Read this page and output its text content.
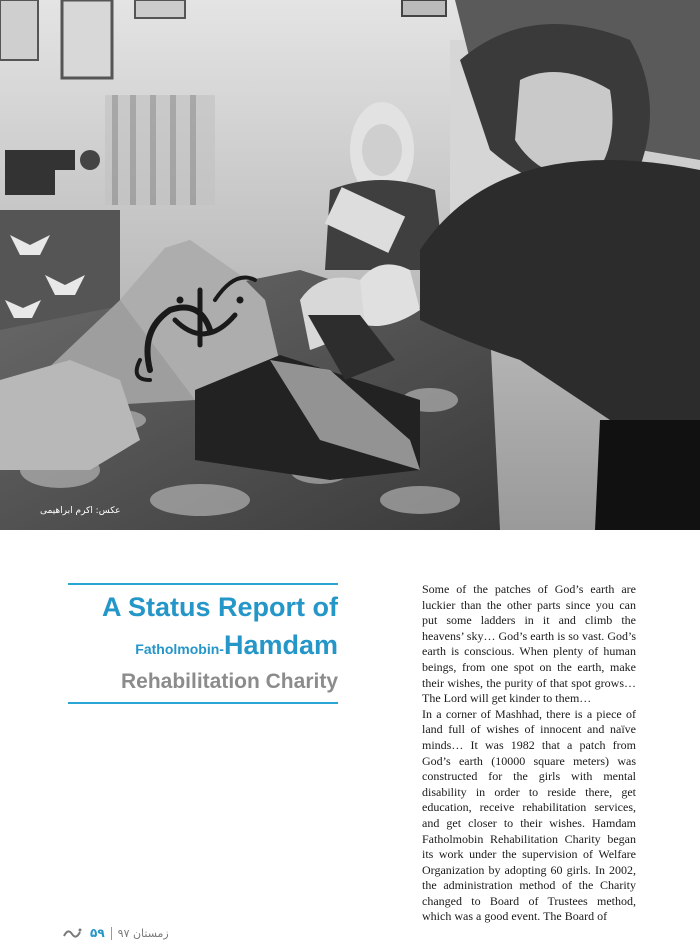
عکس: اکرم ابراهیمی
A Status Report of
Fatholmobin-Hamdam
Rehabilitation Charity

Some of the patches of God’s earth are luckier than the other parts since you can put some ladders in it and climb the heavens’ sky… God’s earth is so vast. God’s earth is conscious. When plenty of human beings, from one spot on the earth, make their wishes, the purity of that spot grows… The Lord will get kinder to them…

In a corner of Mashhad, there is a piece of land full of wishes of innocent and naïve minds… It was 1982 that a patch from God’s earth (10000 square meters) was constructed for the girls with mental disability in order to reside there, get education, receive rehabilitation services, and get closer to their wishes. Hamdam Fatholmobin Rehabilitation Charity began its work under the supervision of Welfare Organization by adopting 60 girls. In 2002, the administration method of the Charity changed to Board of Trustees method, which was a good event. The Board of

زمستان ۹۷
۵۹
